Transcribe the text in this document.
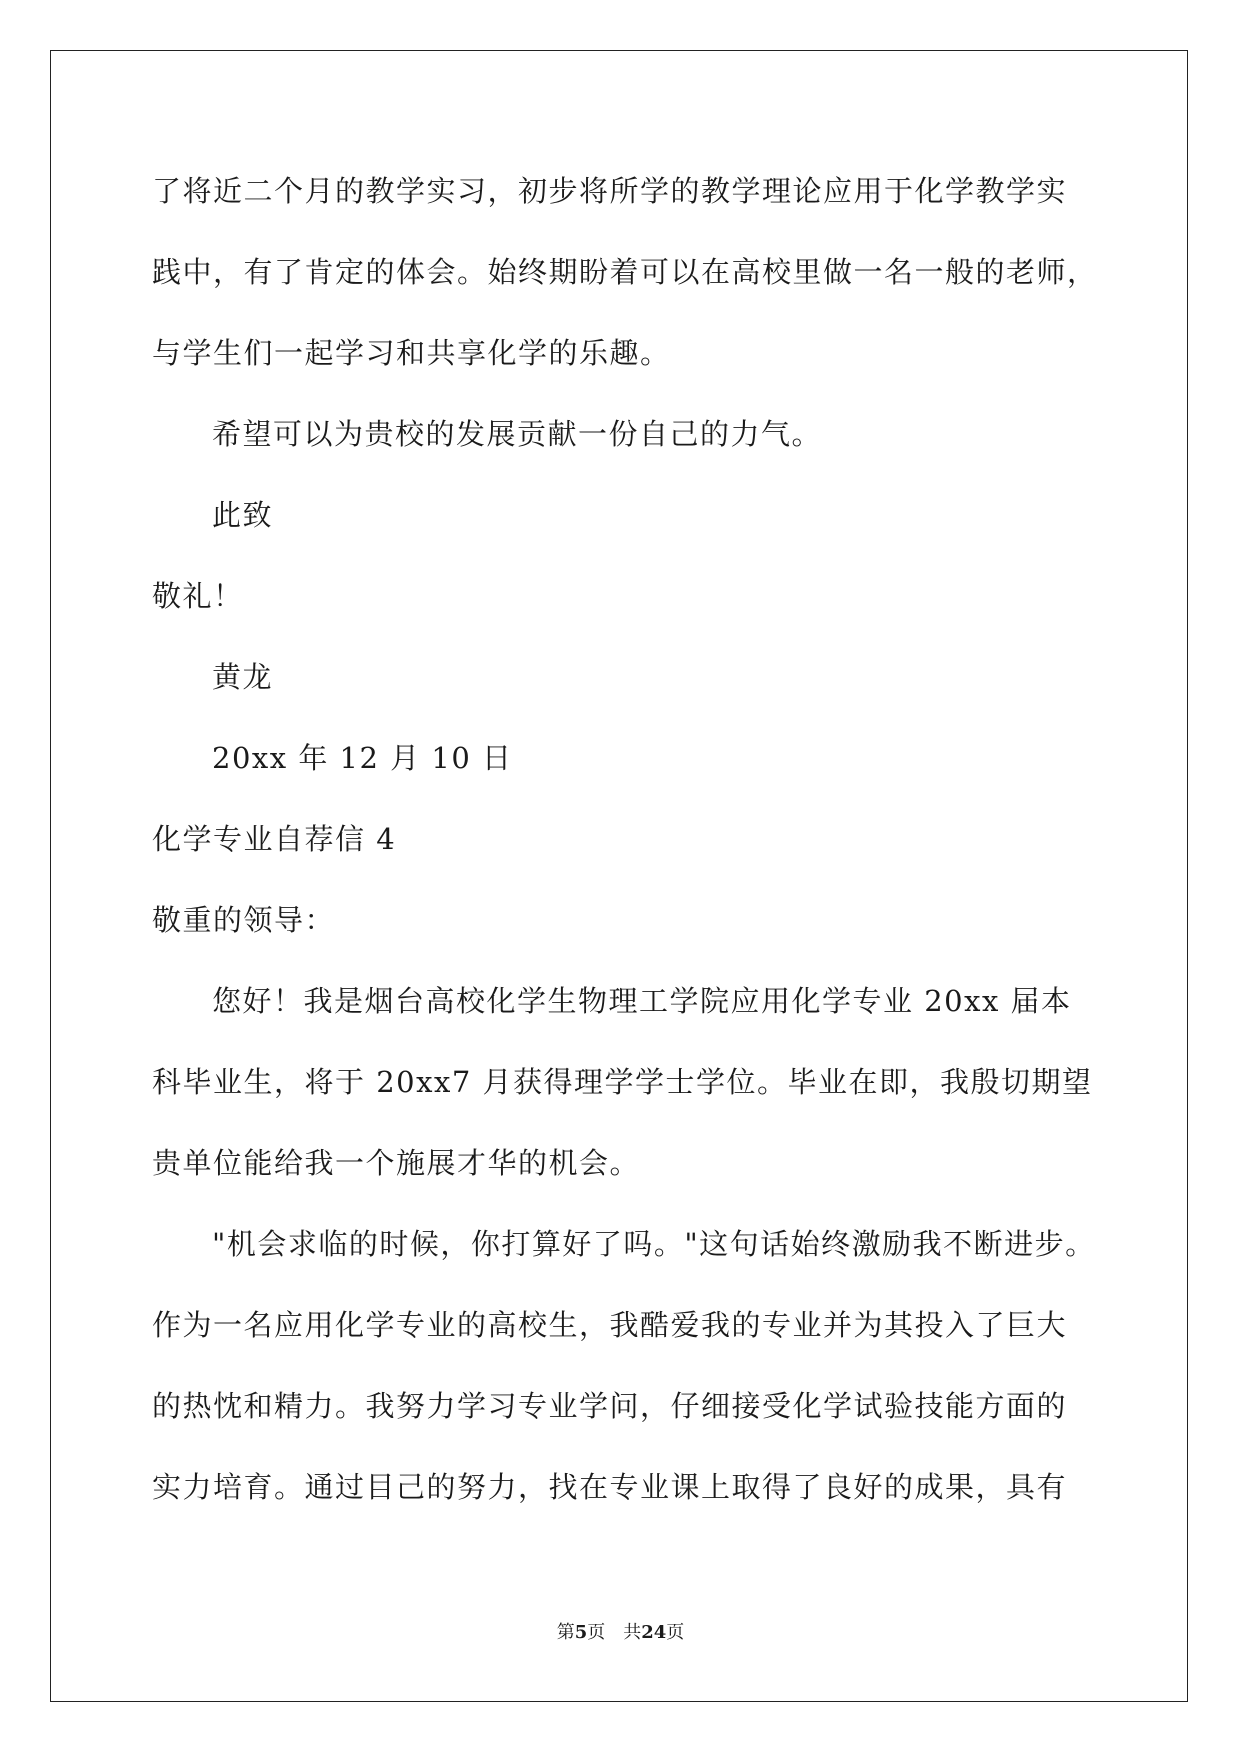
了将近二个月的教学实习，初步将所学的教学理论应用于化学教学实
践中，有了肯定的体会。始终期盼着可以在高校里做一名一般的老师，
与学生们一起学习和共享化学的乐趣。
希望可以为贵校的发展贡献一份自己的力气。
此致
敬礼！
黄龙
20xx 年 12 月 10 日
化学专业自荐信 4
敬重的领导：
您好！我是烟台高校化学生物理工学院应用化学专业 20xx 届本
科毕业生，将于 20xx7 月获得理学学士学位。毕业在即，我殷切期望
贵单位能给我一个施展才华的机会。
"机会求临的时候，你打算好了吗。"这句话始终激励我不断进步。
作为一名应用化学专业的高校生，我酷爱我的专业并为其投入了巨大
的热忱和精力。我努力学习专业学问，仔细接受化学试验技能方面的
实力培育。通过目己的努力，找在专业课上取得了良好的成果，具有
第5页　共24页
